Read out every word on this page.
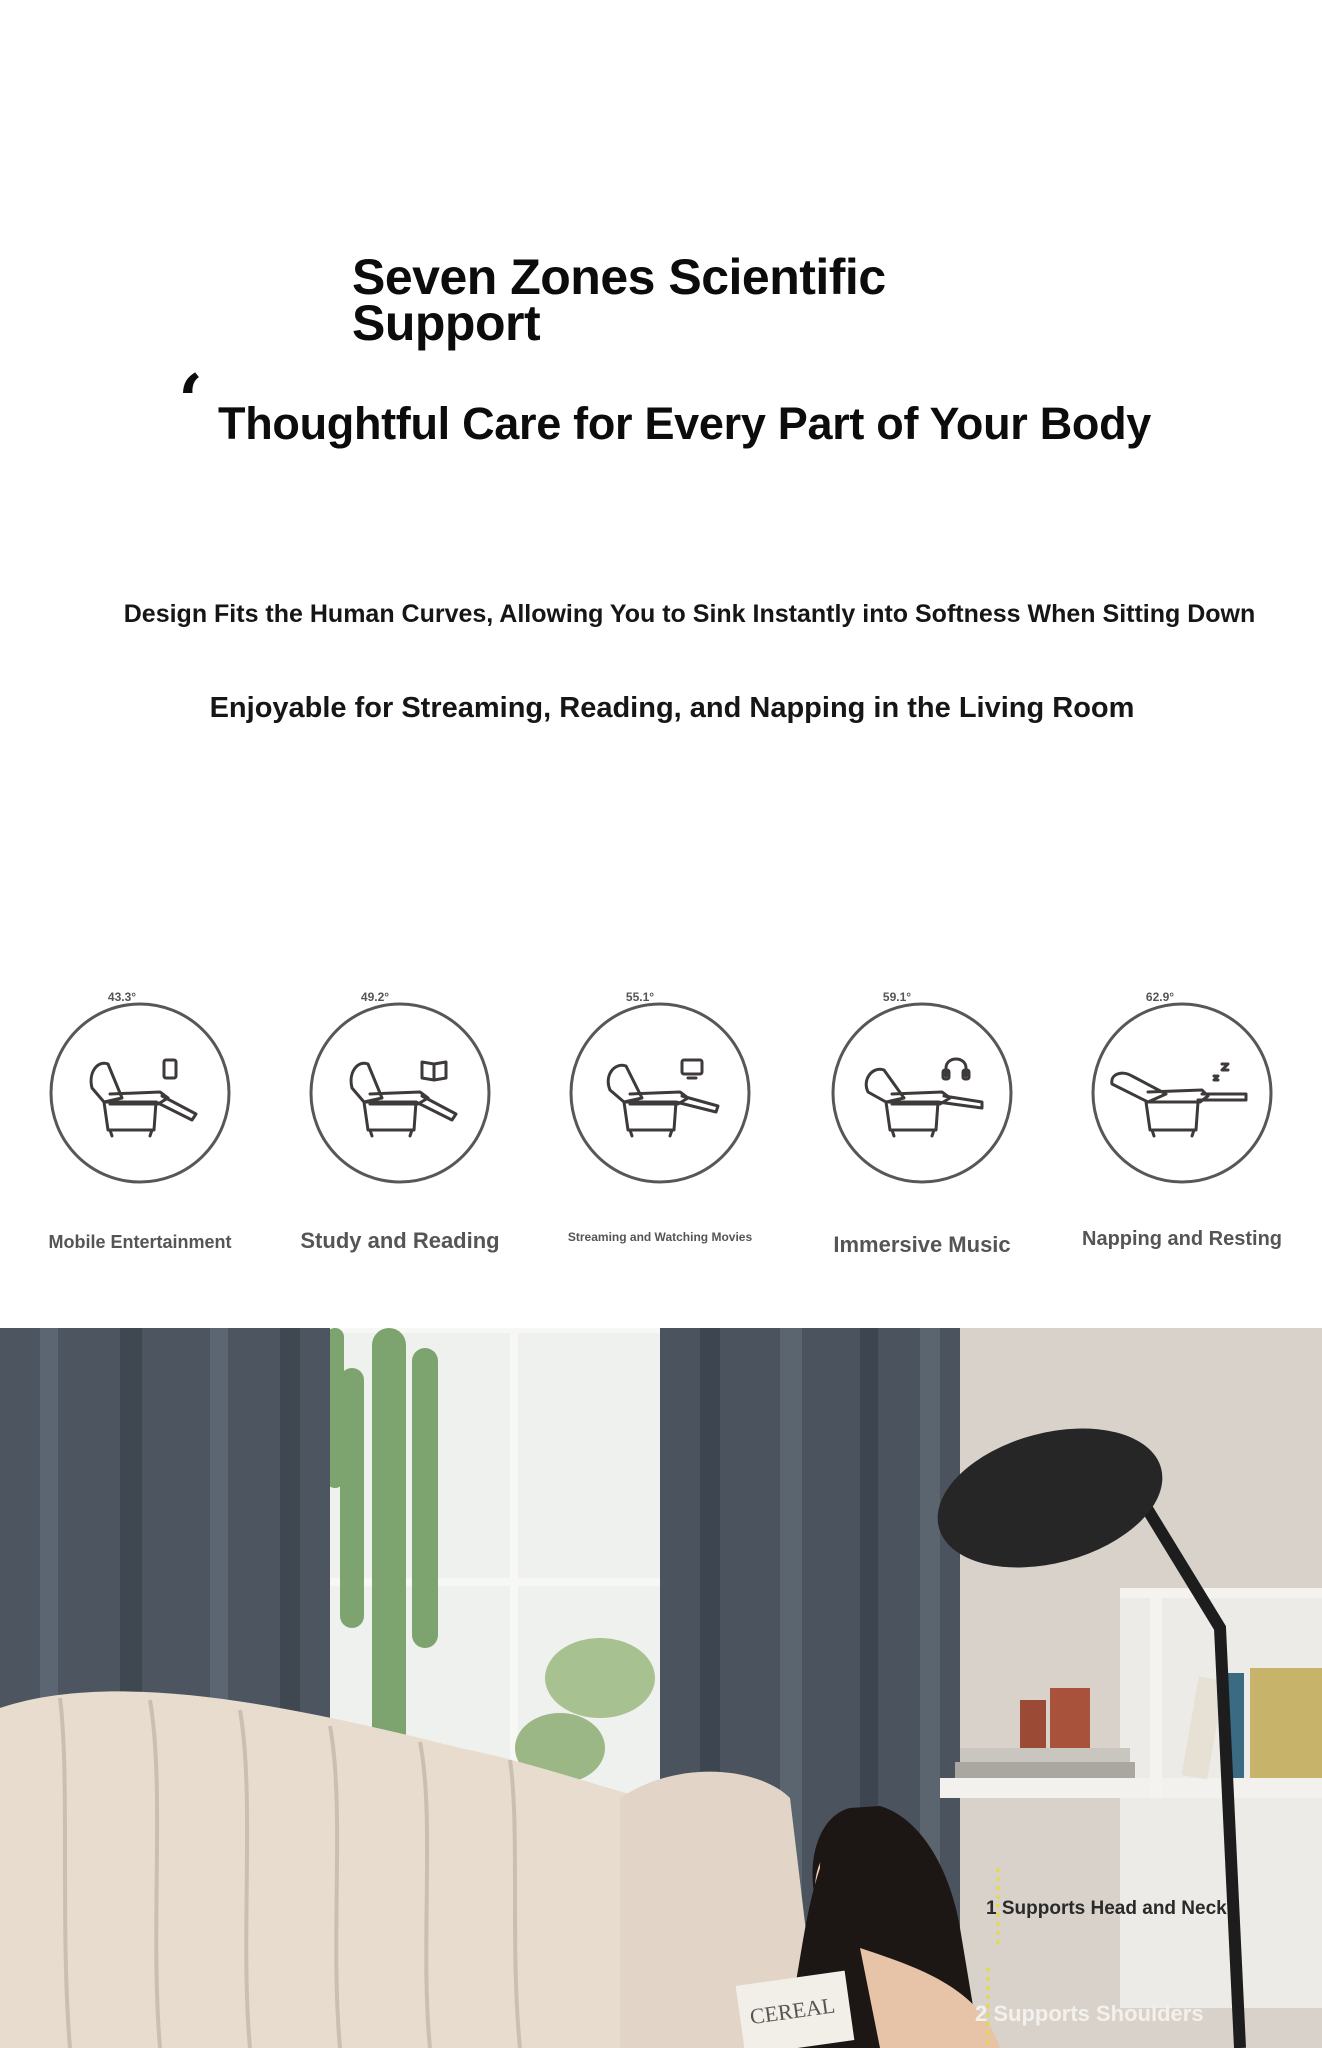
Seven Zones Scientific Support
‘ Thoughtful Care for Every Part of Your Body
Design Fits the Human Curves, Allowing You to Sink Instantly into Softness When Sitting Down
Enjoyable for Streaming, Reading, and Napping in the Living Room
43.3°
Mobile Entertainment
49.2°
Study and Reading
55.1°
Streaming and Watching Movies
59.1°
Immersive Music
62.9°
Napping and Resting
CEREAL
1 Supports Head and Neck
2 Supports Shoulders
